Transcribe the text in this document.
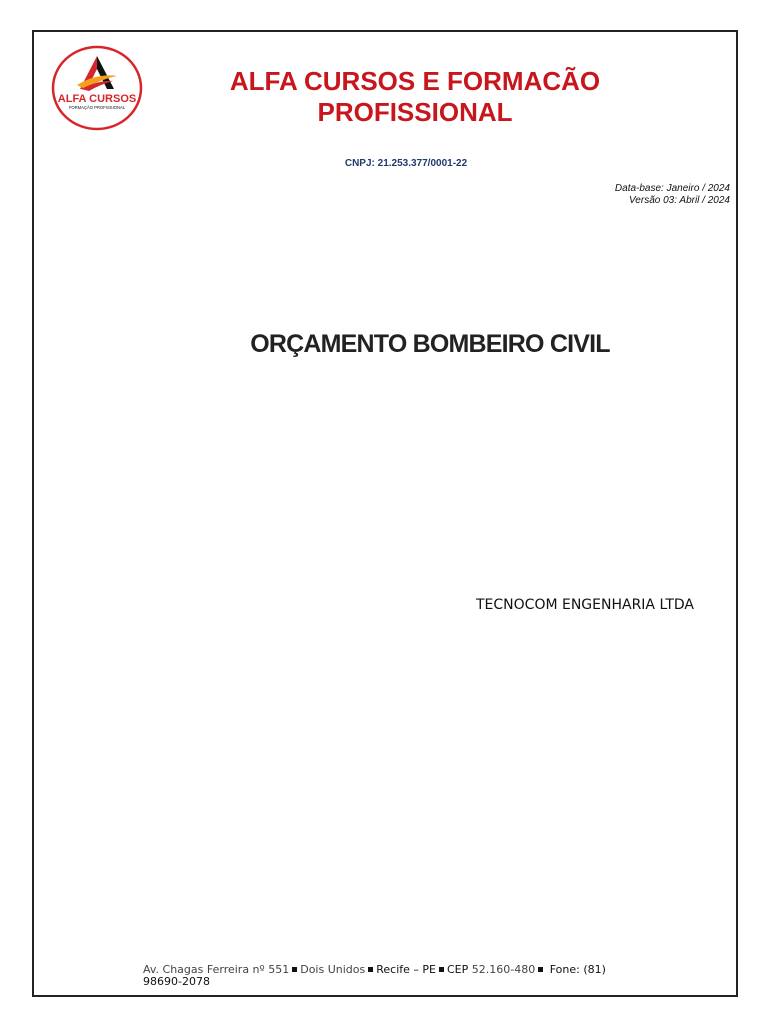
ALFA CURSOS
FORMAÇÃO PROFISSIONAL
ALFA CURSOS E FORMACÃO
PROFISSIONAL
CNPJ: 21.253.377/0001-22
Data-base: Janeiro / 2024
Versão 03: Abril / 2024
ORÇAMENTO BOMBEIRO CIVIL
TECNOCOM ENGENHARIA LTDA
Av. Chagas Ferreira nº 551 Dois Unidos Recife – PE CEP 52.160-480 Fone: (81)
98690-2078
